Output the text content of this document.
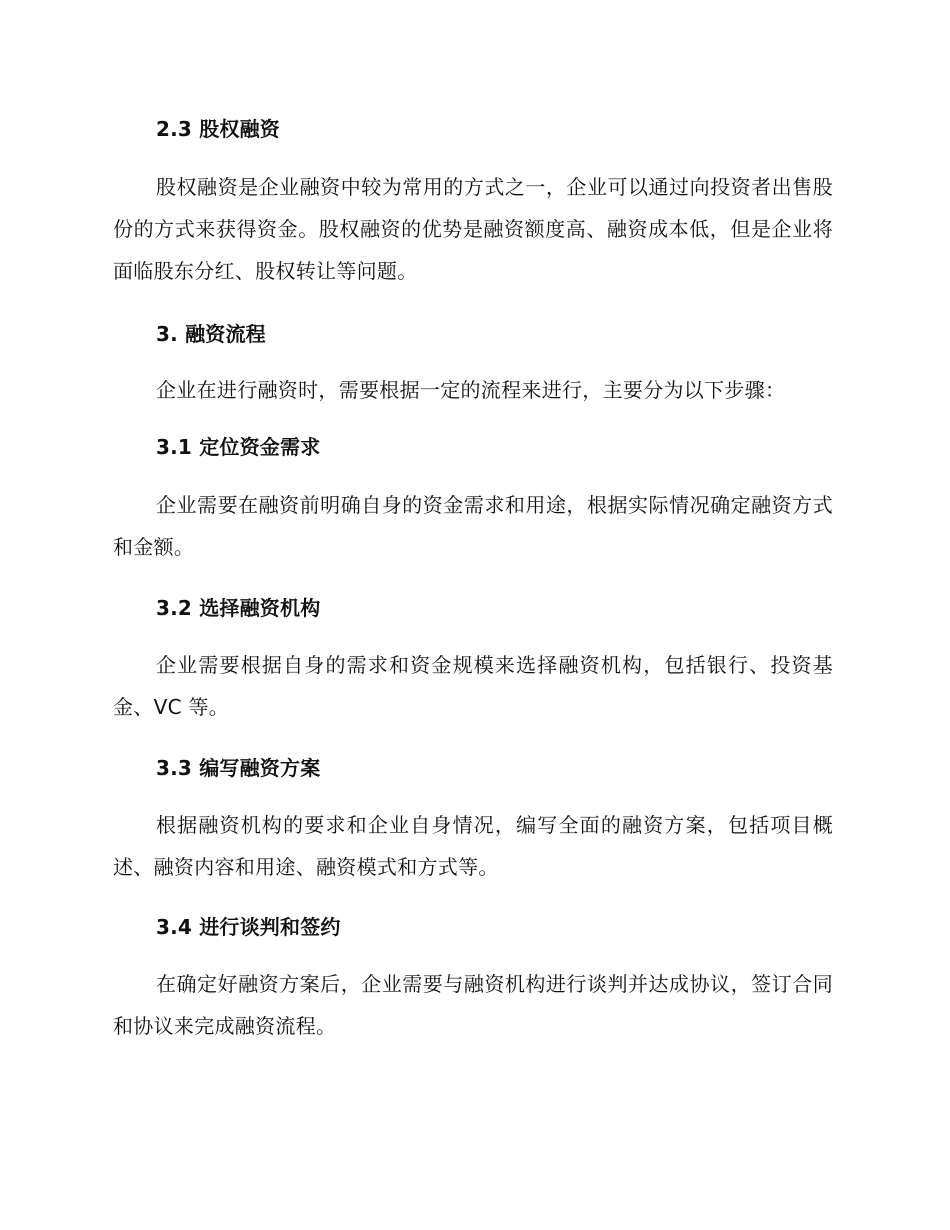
2.3 股权融资

股权融资是企业融资中较为常用的方式之一，企业可以通过向投资者出售股份的方式来获得资金。股权融资的优势是融资额度高、融资成本低，但是企业将面临股东分红、股权转让等问题。

3. 融资流程

企业在进行融资时，需要根据一定的流程来进行，主要分为以下步骤：

3.1 定位资金需求

企业需要在融资前明确自身的资金需求和用途，根据实际情况确定融资方式和金额。

3.2 选择融资机构

企业需要根据自身的需求和资金规模来选择融资机构，包括银行、投资基金、VC 等。

3.3 编写融资方案

根据融资机构的要求和企业自身情况，编写全面的融资方案，包括项目概述、融资内容和用途、融资模式和方式等。

3.4 进行谈判和签约

在确定好融资方案后，企业需要与融资机构进行谈判并达成协议，签订合同和协议来完成融资流程。
